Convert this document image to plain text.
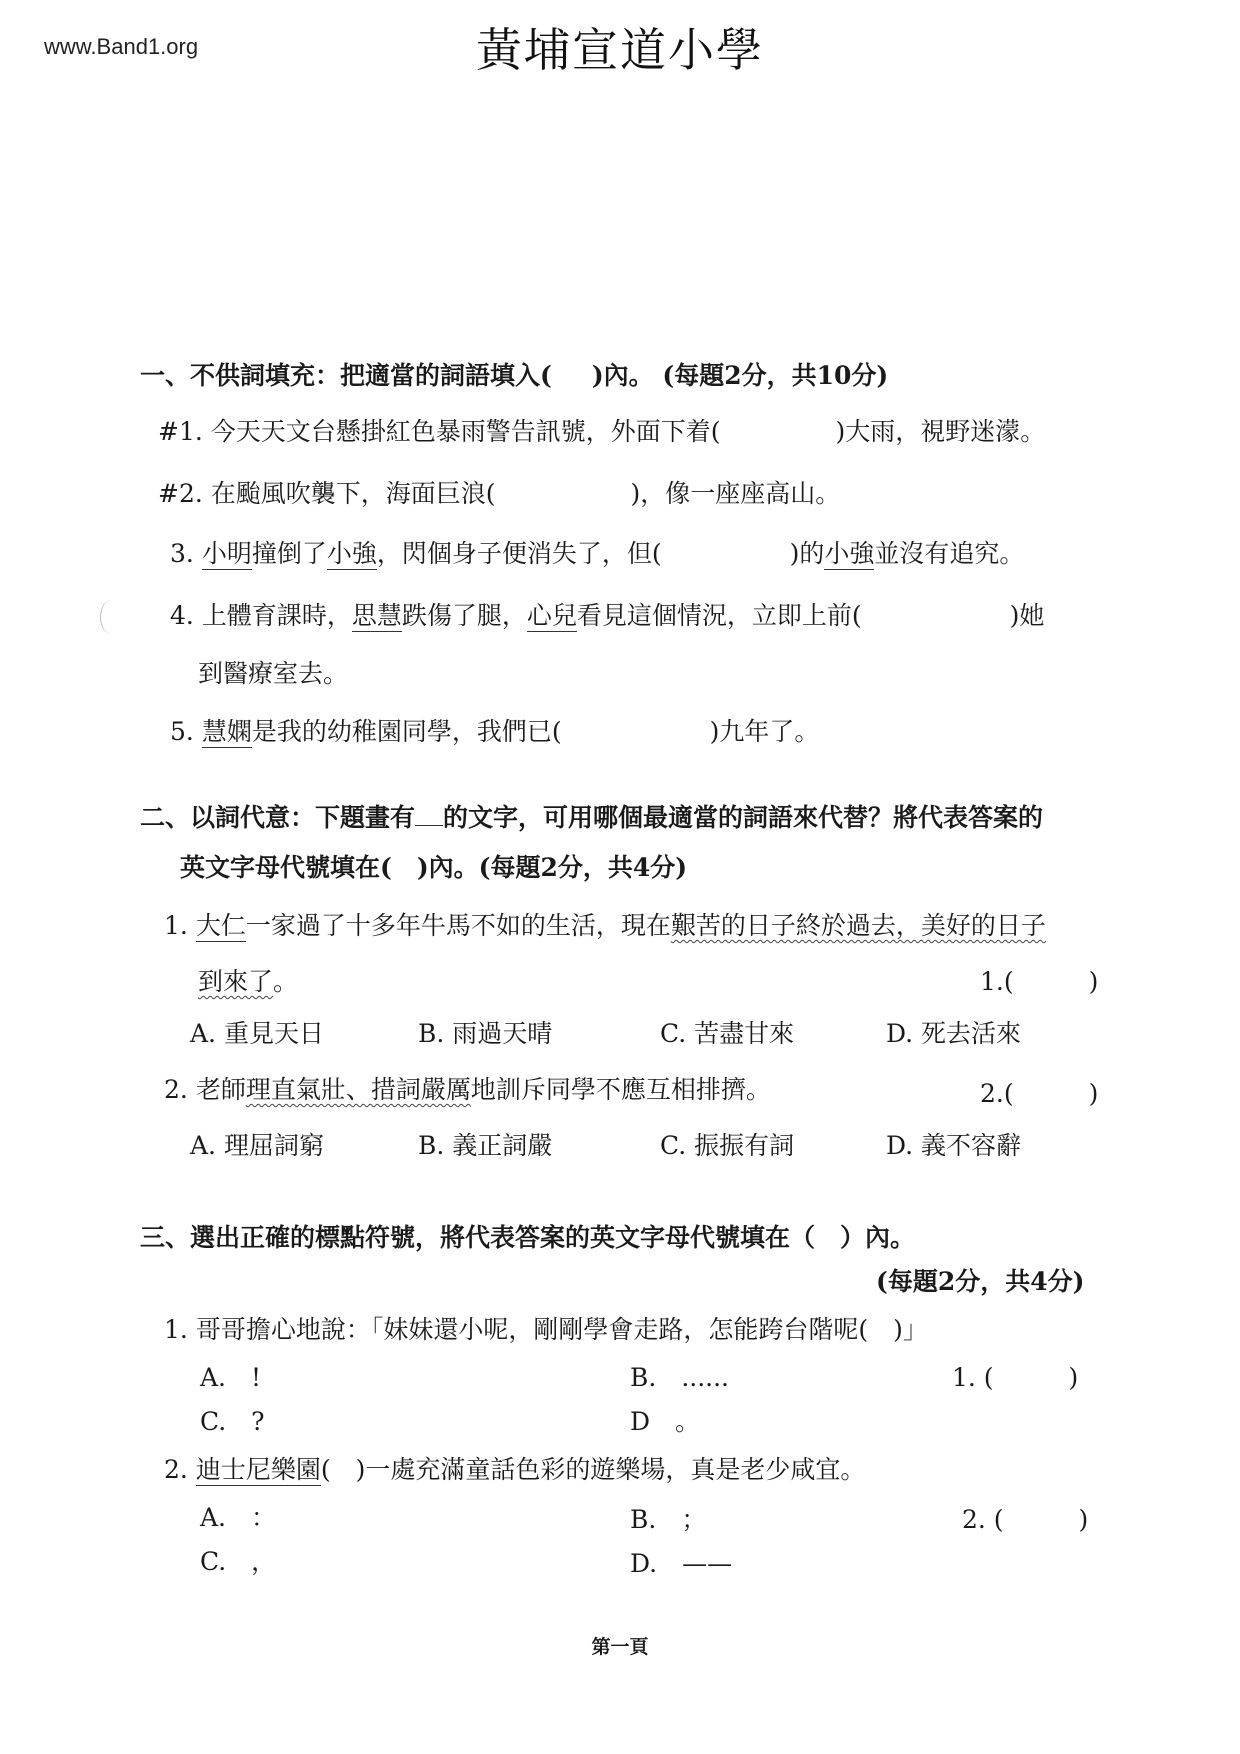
www.Band1.org	黃埔宣道小學
一、不供詞填充：把適當的詞語填入( )內。 (每題2分，共10分)
#1. 今天天文台懸掛紅色暴雨警告訊號，外面下着(	)大雨，視野迷濛。
#2. 在颱風吹襲下，海面巨浪(	)，像一座座高山。
3. 小明撞倒了小強，閃個身子便消失了，但(	)的小強並沒有追究。
4. 上體育課時，思慧跌傷了腿，心兒看見這個情況，立即上前(	)她
到醫療室去。
5. 慧嫻是我的幼稚園同學，我們已(	)九年了。
二、以詞代意：下題畫有 的文字，可用哪個最適當的詞語來代替？將代表答案的
英文字母代號填在(　)內。(每題2分，共4分)
1. 大仁一家過了十多年牛馬不如的生活，現在艱苦的日子終於過去，美好的日子
到來了。	1.(　　　)
A. 重見天日	B. 雨過天晴	C. 苦盡甘來	D. 死去活來
2. 老師理直氣壯、措詞嚴厲地訓斥同學不應互相排擠。	2.(　　　)
A. 理屈詞窮	B. 義正詞嚴	C. 振振有詞	D. 義不容辭
三、選出正確的標點符號，將代表答案的英文字母代號填在（　）內。
(每題2分，共4分)
1. 哥哥擔心地說：「妹妹還小呢，剛剛學會走路，怎能跨台階呢(　)」
A.　!	B.　......	1. (　　　)
C.　?	D　。
2. 迪士尼樂園(　)一處充滿童話色彩的遊樂場，真是老少咸宜。
A.　：	B.　；	2. (　　　)
C.　，	D.　——
第一頁
